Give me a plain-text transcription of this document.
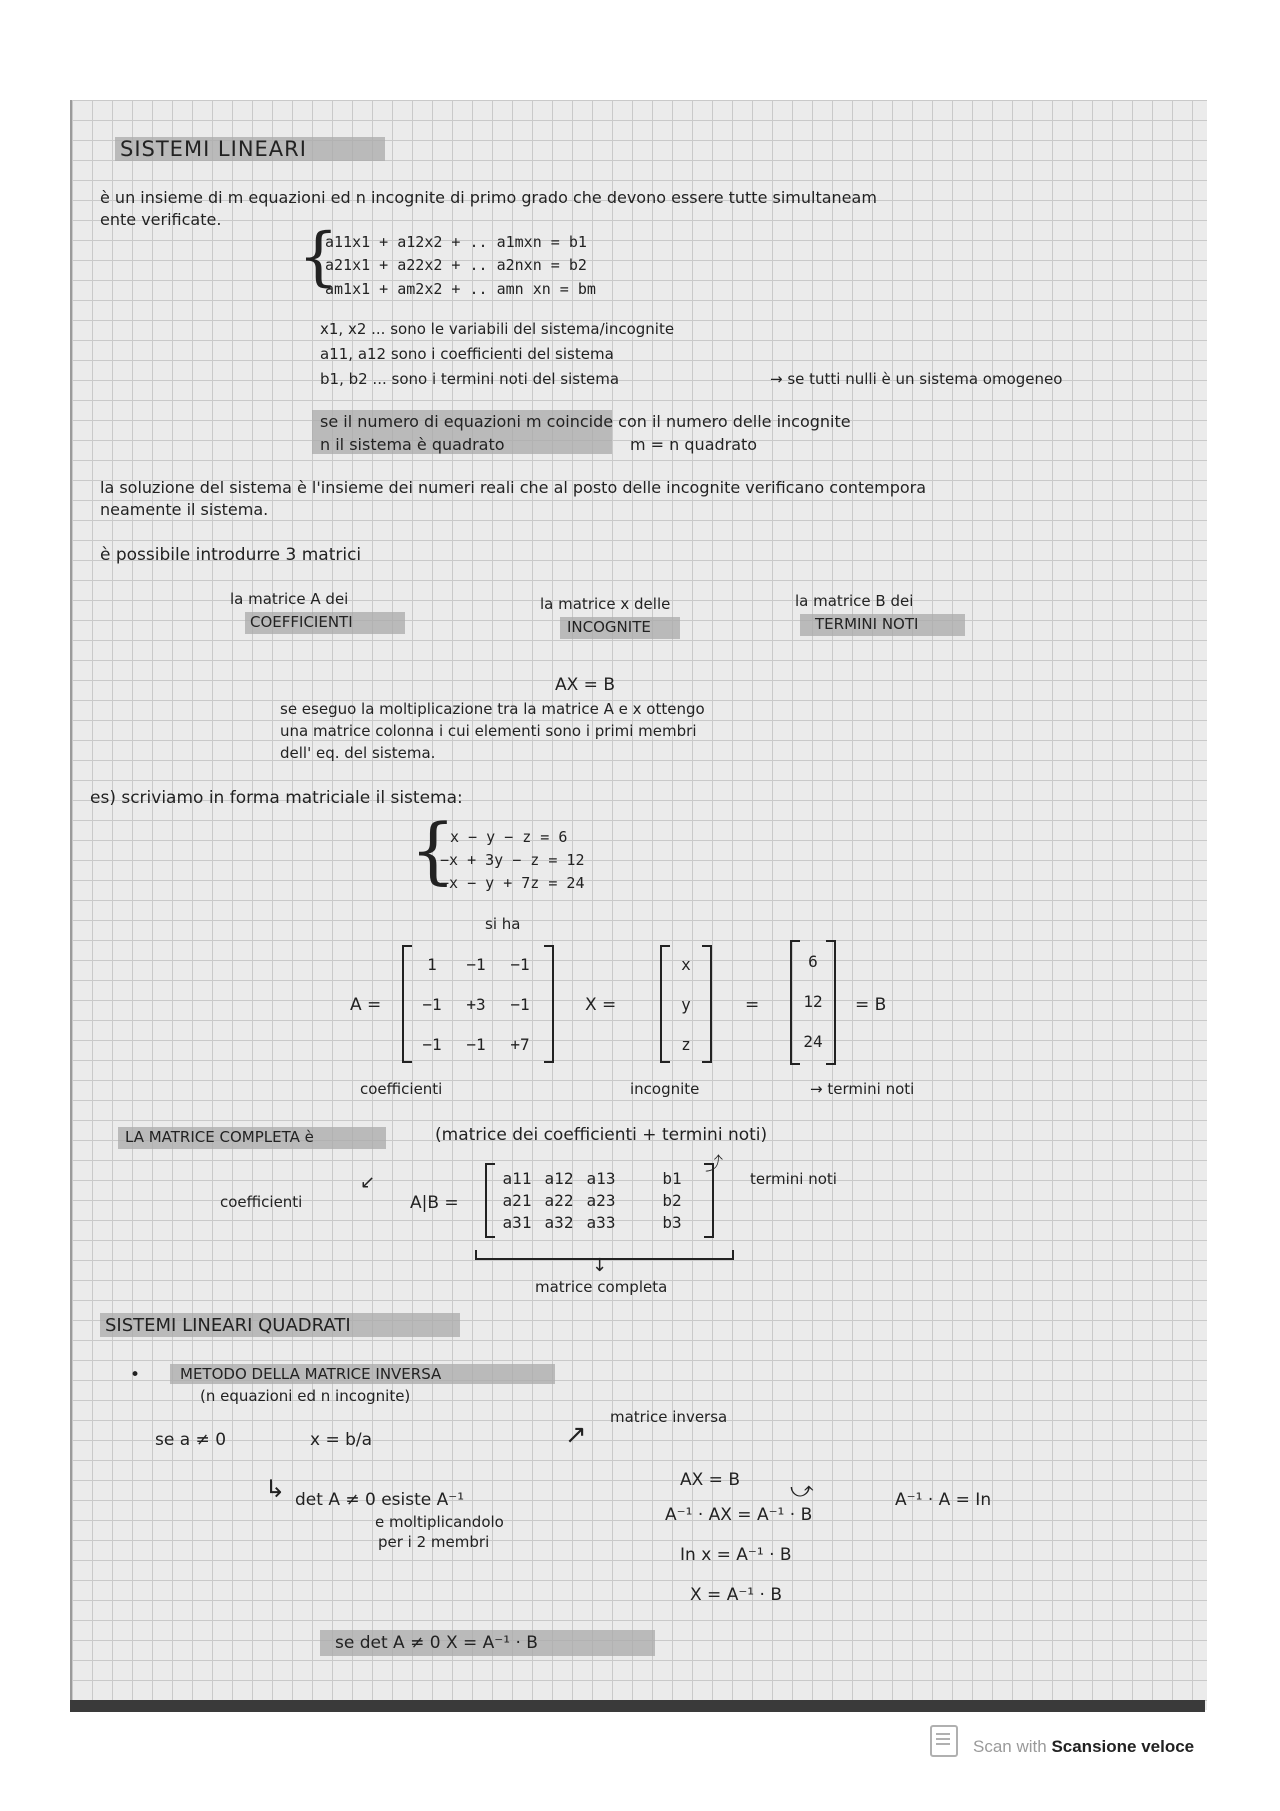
SISTEMI LINEARI
è un insieme di m equazioni ed n incognite di primo grado che devono essere tutte simultaneam
ente verificate.
{
a11x1 + a12x2 + .. a1mxn = b1
a21x1 + a22x2 + .. a2nxn = b2
am1x1 + am2x2 + .. amn xn = bm
x1, x2 ... sono le variabili del sistema/incognite
a11, a12 sono i coefficienti del sistema
b1, b2 ... sono i termini noti del sistema	→ se tutti nulli è un sistema omogeneo
se il numero di equazioni m coincide con il numero delle incognite
n il sistema è quadrato	m = n quadrato
la soluzione del sistema è l'insieme dei numeri reali che al posto delle incognite verificano contempora
neamente il sistema.
è possibile introdurre 3 matrici
la matrice A dei
COEFFICIENTI
la matrice x delle
INCOGNITE
la matrice B dei
TERMINI NOTI
AX = B
se eseguo la moltiplicazione tra la matrice A e x ottengo
una matrice colonna i cui elementi sono i primi membri
dell' eq. del sistema.
es) scriviamo in forma matriciale il sistema:
{
x − y − z = 6
−x + 3y − z = 12
−x − y + 7z = 24
si ha
A =
1	−1	−1
−1	+3	−1
−1	−1	+7
X =
x
y
z
=
6
12
24
= B
coefficienti	incognite	→ termini noti
LA MATRICE COMPLETA è	(matrice dei coefficienti + termini noti)
coefficienti
↙
A|B =
a11 a12 a13	b1
a21 a22 a23	b2
a31 a32 a33	b3
termini noti
⤴
↓
matrice completa
SISTEMI LINEARI QUADRATI
•	METODO DELLA MATRICE INVERSA
(n equazioni ed n incognite)
matrice inversa
↗
se a ≠ 0	x = b/a
↳ det A ≠ 0 esiste A⁻¹
e moltiplicandolo
per i 2 membri
AX = B
A⁻¹ · AX = A⁻¹ · B
⤻	A⁻¹ · A = In
In x = A⁻¹ · B
X = A⁻¹ · B
se det A ≠ 0 X = A⁻¹ · B
Scan with Scansione veloce
